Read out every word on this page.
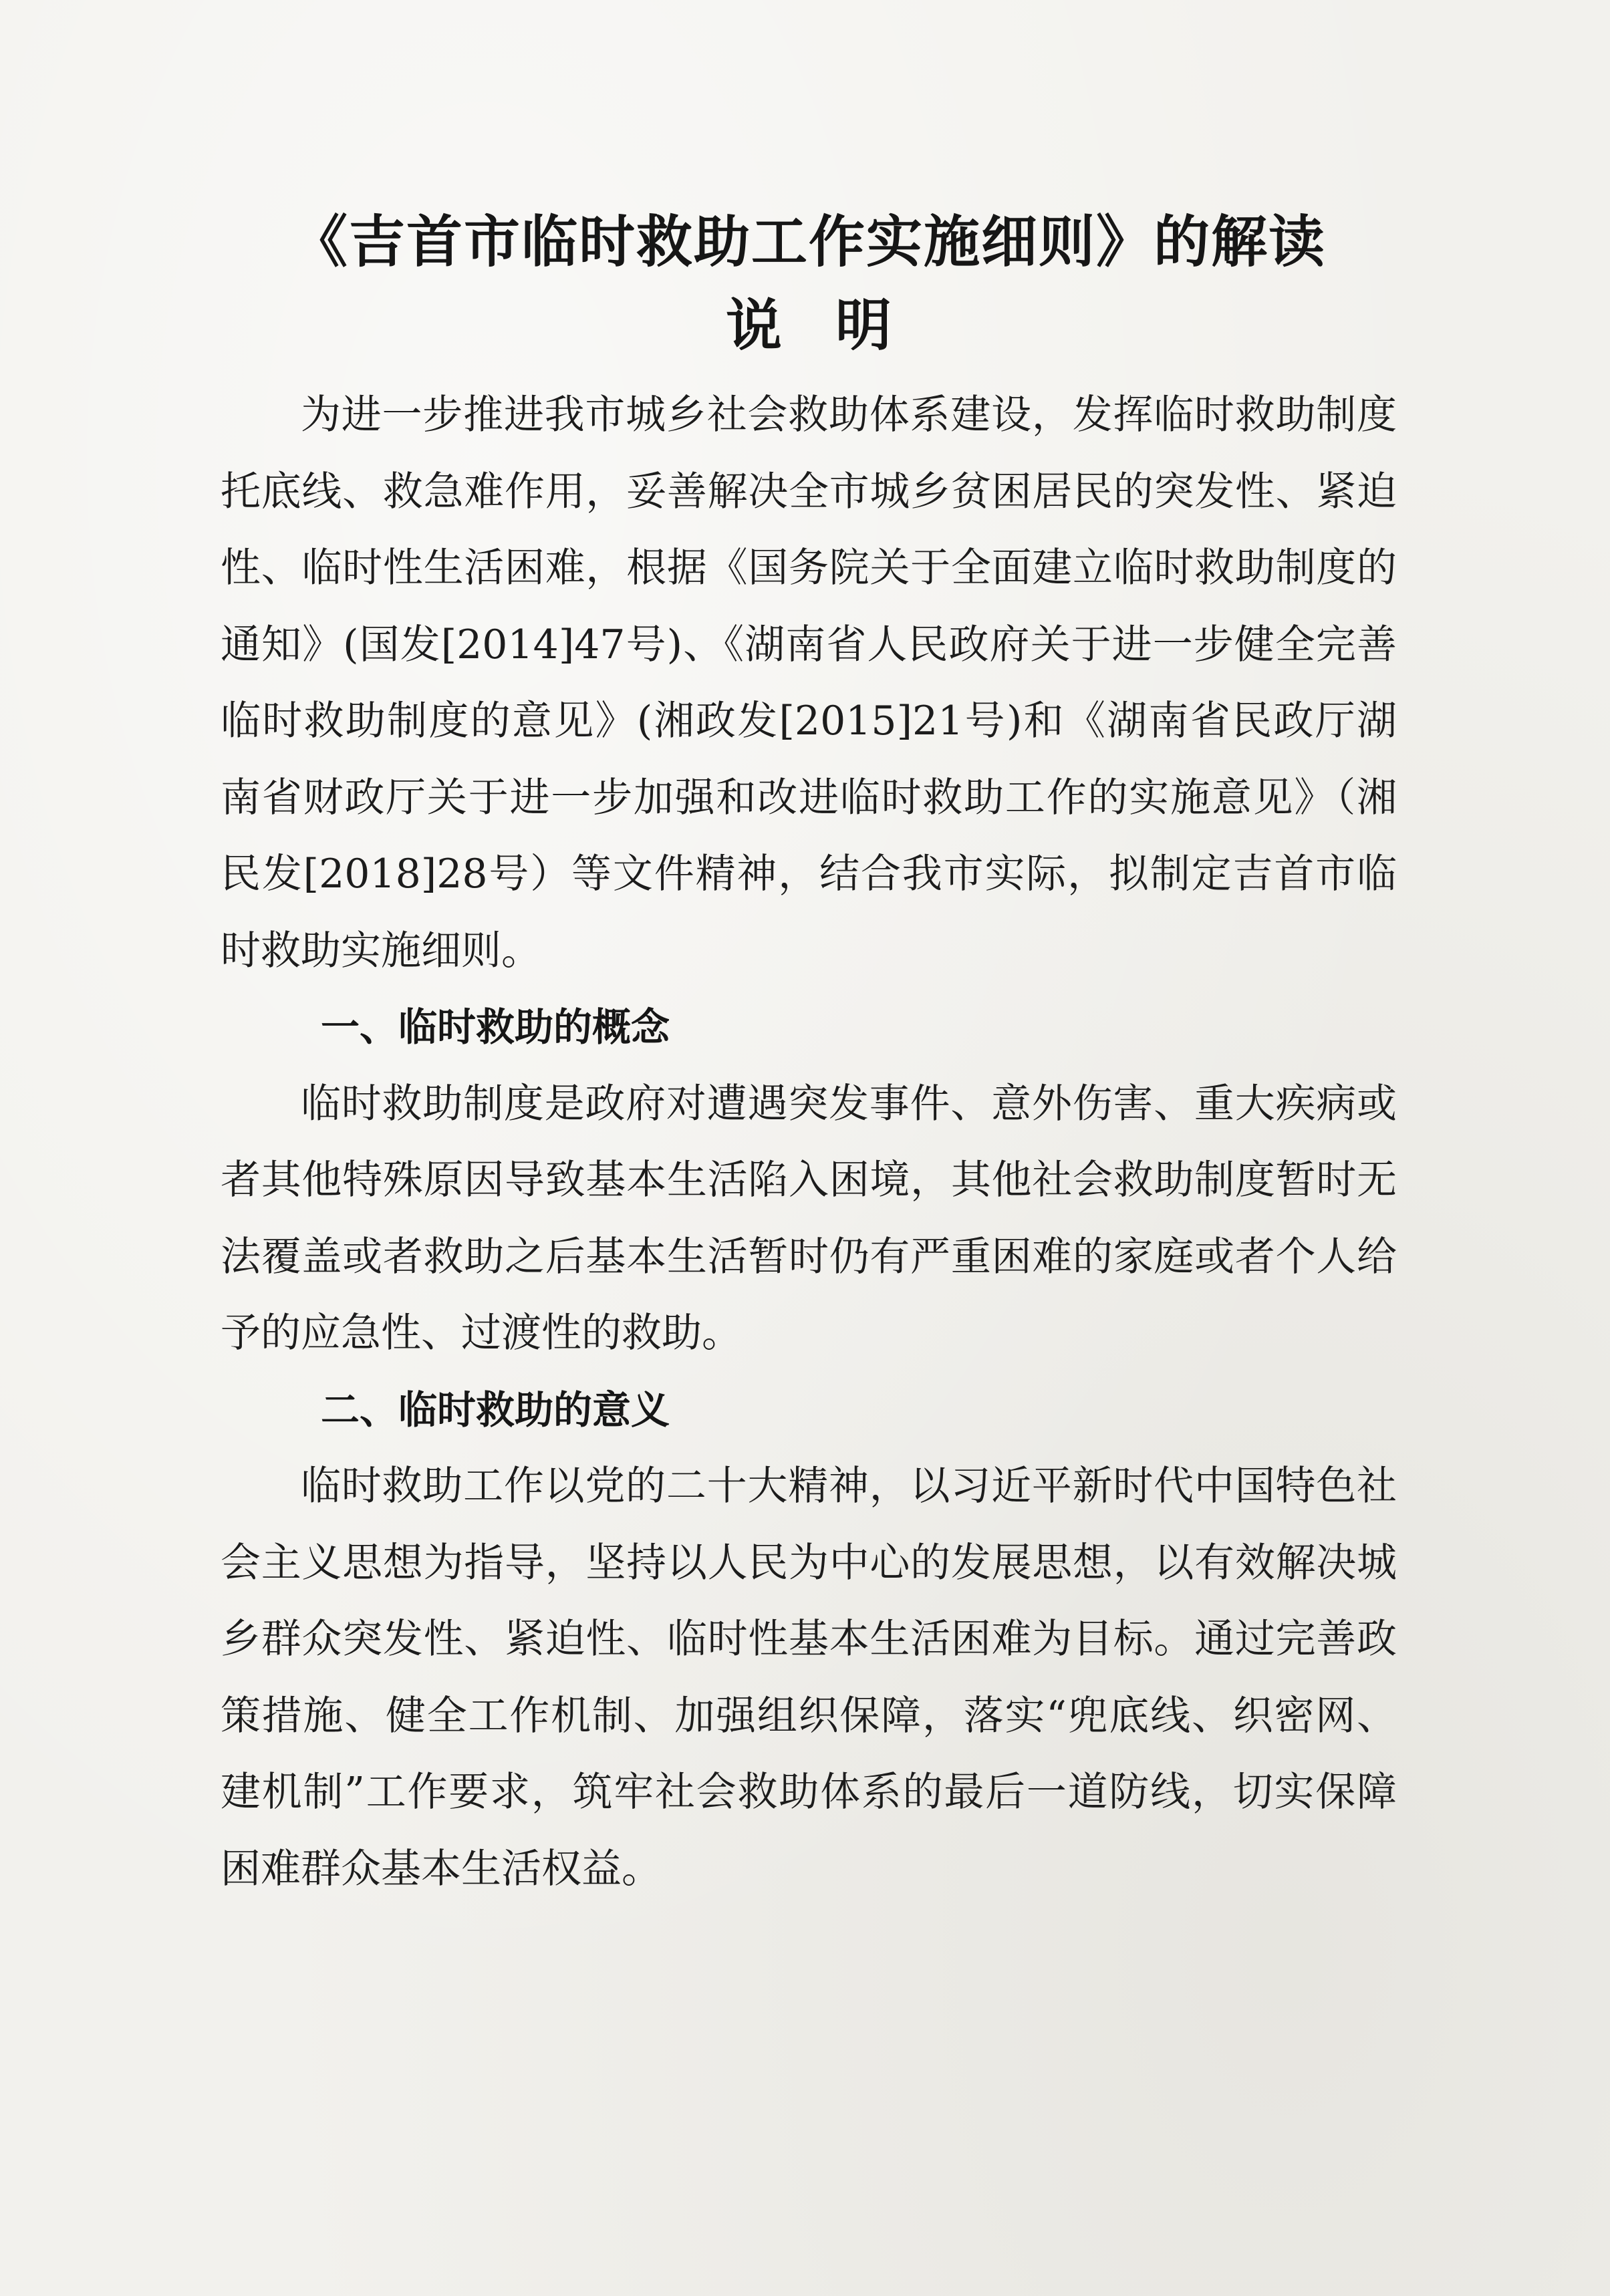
《吉首市临时救助工作实施细则》的解读
说明

为进一步推进我市城乡社会救助体系建设，发挥临时救助制度托底线、救急难作用，妥善解决全市城乡贫困居民的突发性、紧迫性、临时性生活困难，根据《国务院关于全面建立临时救助制度的通知》(国发[2014]47号)、《湖南省人民政府关于进一步健全完善临时救助制度的意见》(湘政发[2015]21号)和《湖南省民政厅湖南省财政厅关于进一步加强和改进临时救助工作的实施意见》（湘民发[2018]28号）等文件精神，结合我市实际，拟制定吉首市临时救助实施细则。

一、临时救助的概念

临时救助制度是政府对遭遇突发事件、意外伤害、重大疾病或者其他特殊原因导致基本生活陷入困境，其他社会救助制度暂时无法覆盖或者救助之后基本生活暂时仍有严重困难的家庭或者个人给予的应急性、过渡性的救助。

二、临时救助的意义

临时救助工作以党的二十大精神，以习近平新时代中国特色社会主义思想为指导，坚持以人民为中心的发展思想，以有效解决城乡群众突发性、紧迫性、临时性基本生活困难为目标。通过完善政策措施、健全工作机制、加强组织保障，落实“兜底线、织密网、建机制”工作要求，筑牢社会救助体系的最后一道防线，切实保障困难群众基本生活权益。
